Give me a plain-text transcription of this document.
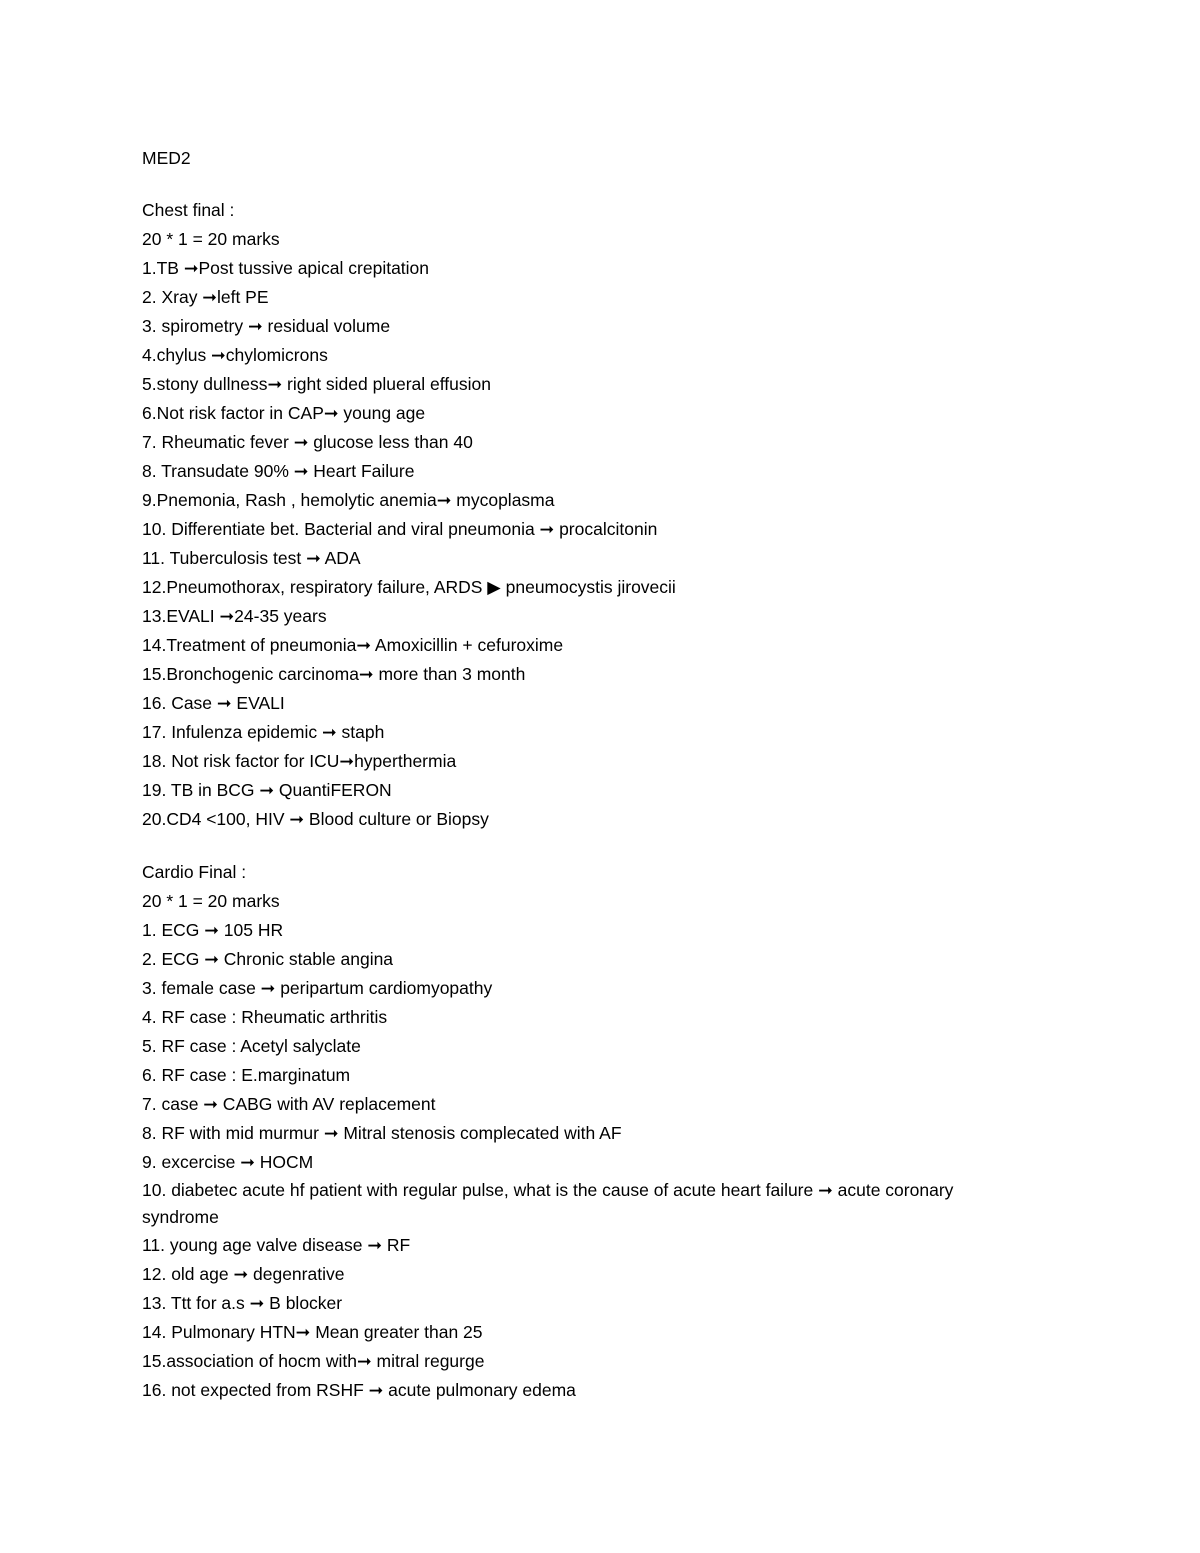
MED2
Chest final :
20 * 1 = 20 marks
1.TB ➞Post tussive apical crepitation
2. Xray ➞left PE
3. spirometry ➞ residual volume
4.chylus ➞chylomicrons
5.stony dullness➞ right sided plueral effusion
6.Not risk factor in CAP➞ young age
7. Rheumatic fever ➞ glucose less than 40
8. Transudate 90% ➞ Heart Failure
9.Pnemonia, Rash , hemolytic anemia➞ mycoplasma
10. Differentiate bet. Bacterial and viral pneumonia ➞ procalcitonin
11. Tuberculosis test ➞ ADA
12.Pneumothorax, respiratory failure, ARDS ▶ pneumocystis jirovecii
13.EVALI ➞24-35 years
14.Treatment of pneumonia➞ Amoxicillin + cefuroxime
15.Bronchogenic carcinoma➞ more than 3 month
16. Case ➞ EVALI
17. Infulenza epidemic ➞ staph
18. Not risk factor for ICU➞hyperthermia
19. TB in BCG ➞ QuantiFERON
20.CD4 <100, HIV ➞ Blood culture or Biopsy
Cardio Final :
20 * 1 = 20 marks
1. ECG ➞ 105 HR
2. ECG ➞ Chronic stable angina
3. female case ➞ peripartum cardiomyopathy
4. RF case : Rheumatic arthritis
5. RF case : Acetyl salyclate
6. RF case : E.marginatum
7. case ➞ CABG with AV replacement
8. RF with mid murmur ➞ Mitral stenosis complecated with AF
9. excercise ➞ HOCM
10. diabetec acute hf patient with regular pulse, what is the cause of acute heart failure ➞ acute coronary syndrome
11. young age valve disease ➞ RF
12. old age ➞ degenrative
13. Ttt for a.s ➞ B blocker
14. Pulmonary HTN➞ Mean greater than 25
15.association of hocm with➞ mitral regurge
16. not expected from RSHF ➞ acute pulmonary edema
